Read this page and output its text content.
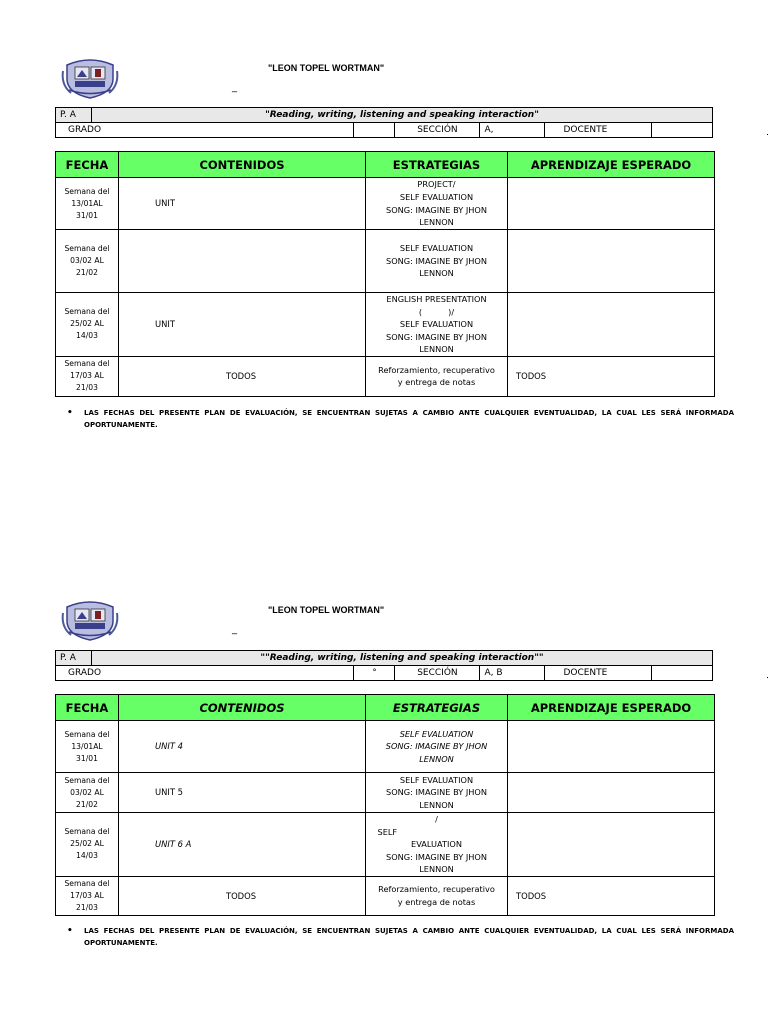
"LEON TOPEL WORTMAN"
_
P. A	"Reading, writing, listening and speaking interaction"					
GRADO			SECCIÓN	A,	DOCENTE	
FECHA	CONTENIDOS	ESTRATEGIAS	APRENDIZAJE ESPERADO
Semana del
13/01AL
31/01	UNIT	PROJECT/
SELF EVALUATION
SONG: IMAGINE BY JHON
LENNON	
Semana del
03/02 AL
21/02		SELF EVALUATION
SONG: IMAGINE BY JHON
LENNON	
Semana del
25/02 AL
14/03	UNIT	ENGLISH PRESENTATION
(          )/
SELF EVALUATION
SONG: IMAGINE BY JHON
LENNON	
Semana del
17/03 AL
21/03	TODOS	Reforzamiento, recuperativo
y entrega de notas	TODOS
• LAS FECHAS DEL PRESENTE PLAN DE EVALUACIÓN, SE ENCUENTRAN SUJETAS A CAMBIO ANTE CUALQUIER EVENTUALIDAD, LA CUAL LES SERÁ INFORMADA OPORTUNAMENTE.
"LEON TOPEL WORTMAN"
_
P. A	""Reading, writing, listening and speaking interaction""					
GRADO		°	SECCIÓN	A, B	DOCENTE	
FECHA	CONTENIDOS	ESTRATEGIAS	APRENDIZAJE ESPERADO
Semana del
13/01AL
31/01	UNIT 4	SELF EVALUATION
SONG: IMAGINE BY JHON
LENNON	
Semana del
03/02 AL
21/02	UNIT 5	SELF EVALUATION
SONG: IMAGINE BY JHON
LENNON	
Semana del
25/02 AL
14/03	UNIT 6 A	/
SELF
EVALUATION
SONG: IMAGINE BY JHON
LENNON	
Semana del
17/03 AL
21/03	TODOS	Reforzamiento, recuperativo
y entrega de notas	TODOS
• LAS FECHAS DEL PRESENTE PLAN DE EVALUACIÓN, SE ENCUENTRAN SUJETAS A CAMBIO ANTE CUALQUIER EVENTUALIDAD, LA CUAL LES SERÁ INFORMADA OPORTUNAMENTE.
